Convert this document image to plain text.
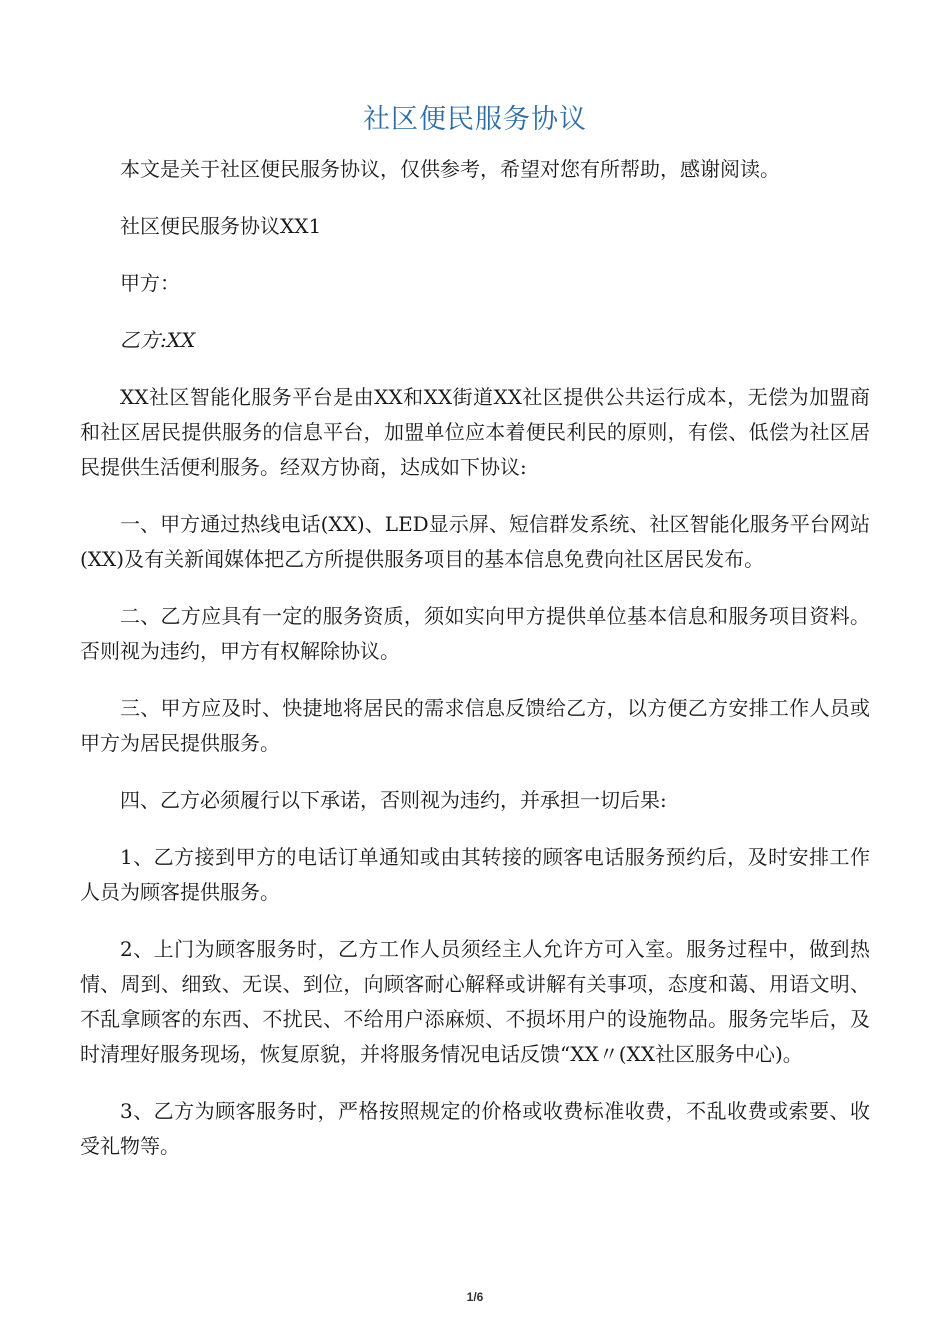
社区便民服务协议

本文是关于社区便民服务协议，仅供参考，希望对您有所帮助，感谢阅读。

社区便民服务协议XX1

甲方：

乙方:XX

XX社区智能化服务平台是由XX和XX街道XX社区提供公共运行成本，无偿为加盟商和社区居民提供服务的信息平台，加盟单位应本着便民利民的原则，有偿、低偿为社区居民提供生活便利服务。经双方协商，达成如下协议:

一、甲方通过热线电话(XX)、LED显示屏、短信群发系统、社区智能化服务平台网站(XX)及有关新闻媒体把乙方所提供服务项目的基本信息免费向社区居民发布。

二、乙方应具有一定的服务资质，须如实向甲方提供单位基本信息和服务项目资料。否则视为违约，甲方有权解除协议。

三、甲方应及时、快捷地将居民的需求信息反馈给乙方，以方便乙方安排工作人员或甲方为居民提供服务。

四、乙方必须履行以下承诺，否则视为违约，并承担一切后果:

1、乙方接到甲方的电话订单通知或由其转接的顾客电话服务预约后，及时安排工作人员为顾客提供服务。

2、上门为顾客服务时，乙方工作人员须经主人允许方可入室。服务过程中，做到热情、周到、细致、无误、到位，向顾客耐心解释或讲解有关事项，态度和蔼、用语文明、不乱拿顾客的东西、不扰民、不给用户添麻烦、不损坏用户的设施物品。服务完毕后，及时清理好服务现场，恢复原貌，并将服务情况电话反馈“XX〃(XX社区服务中心)。

3、乙方为顾客服务时，严格按照规定的价格或收费标准收费，不乱收费或索要、收受礼物等。

1/6
